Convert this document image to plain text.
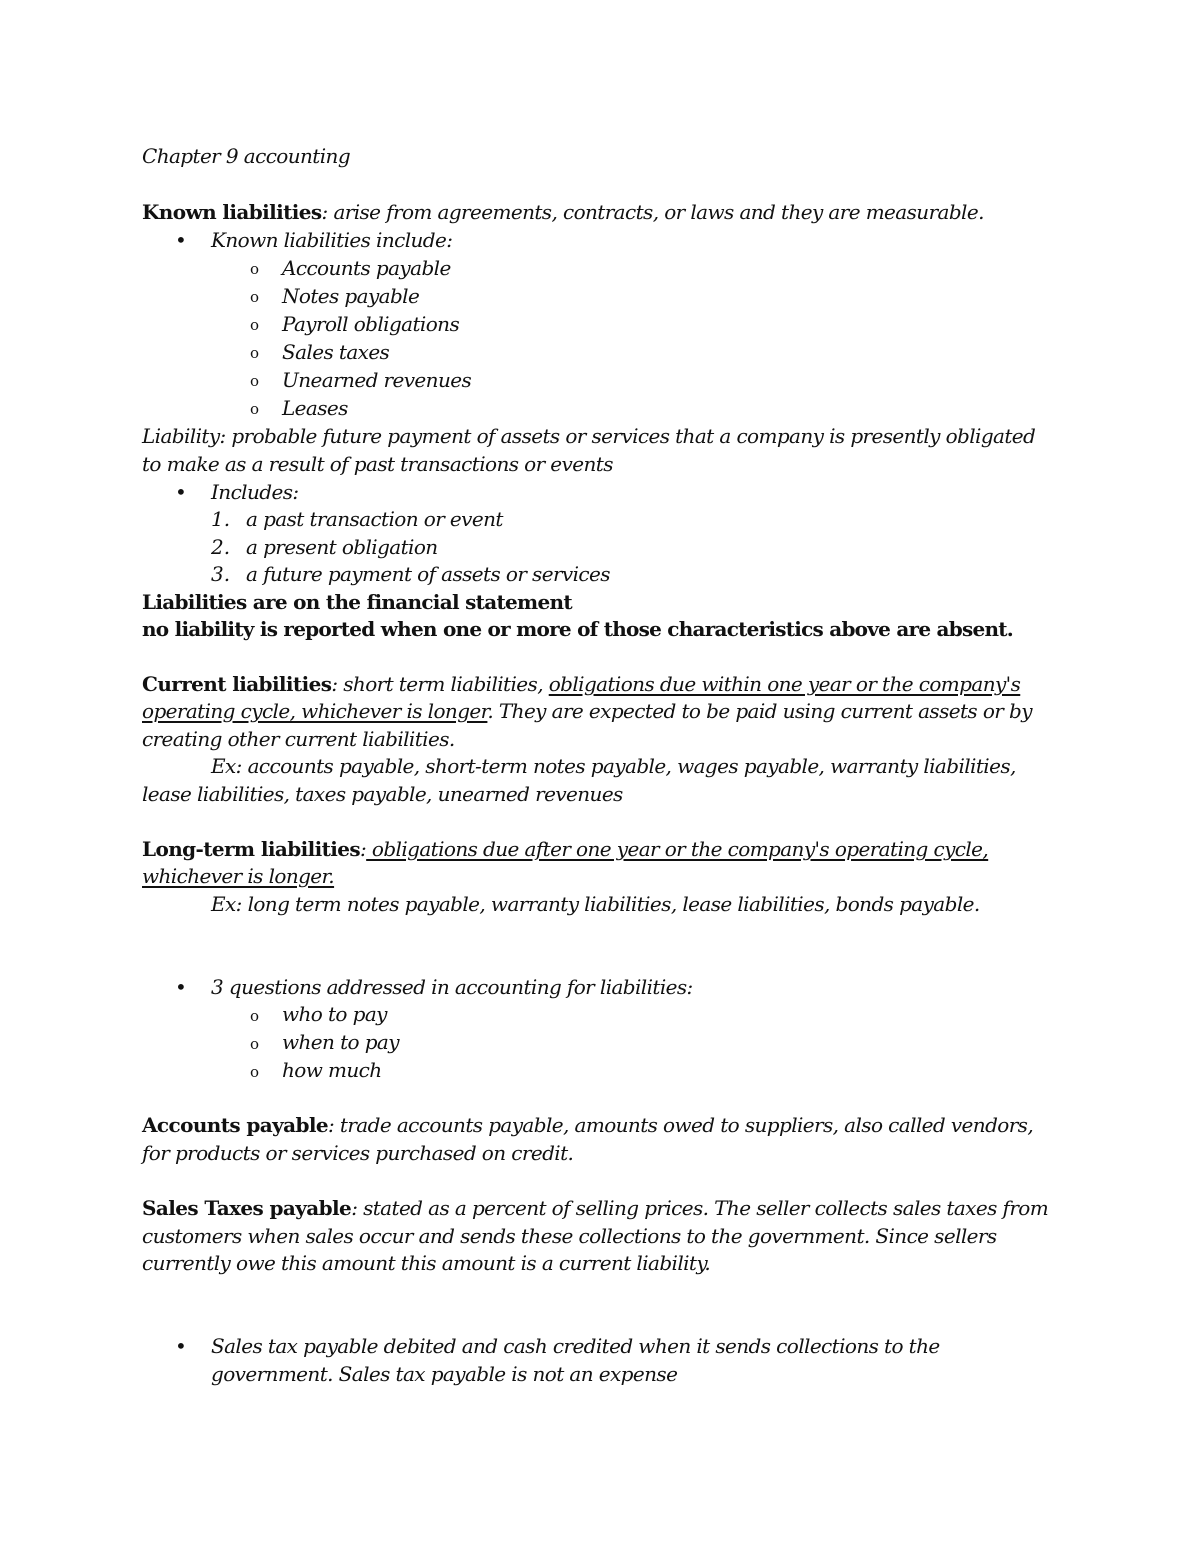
Chapter 9 accounting
Known liabilities: arise from agreements, contracts, or laws and they are measurable.
• Known liabilities include:
o Accounts payable
o Notes payable
o Payroll obligations
o Sales taxes
o Unearned revenues
o Leases
Liability: probable future payment of assets or services that a company is presently obligated
to make as a result of past transactions or events
• Includes:
1. a past transaction or event
2. a present obligation
3. a future payment of assets or services
Liabilities are on the financial statement
no liability is reported when one or more of those characteristics above are absent.
Current liabilities: short term liabilities, obligations due within one year or the company's
operating cycle, whichever is longer. They are expected to be paid using current assets or by
creating other current liabilities.
Ex: accounts payable, short-term notes payable, wages payable, warranty liabilities,
lease liabilities, taxes payable, unearned revenues
Long-term liabilities: obligations due after one year or the company's operating cycle,
whichever is longer.
Ex: long term notes payable, warranty liabilities, lease liabilities, bonds payable.
• 3 questions addressed in accounting for liabilities:
o who to pay
o when to pay
o how much
Accounts payable: trade accounts payable, amounts owed to suppliers, also called vendors,
for products or services purchased on credit.
Sales Taxes payable: stated as a percent of selling prices. The seller collects sales taxes from
customers when sales occur and sends these collections to the government. Since sellers
currently owe this amount this amount is a current liability.
• Sales tax payable debited and cash credited when it sends collections to the
government. Sales tax payable is not an expense
